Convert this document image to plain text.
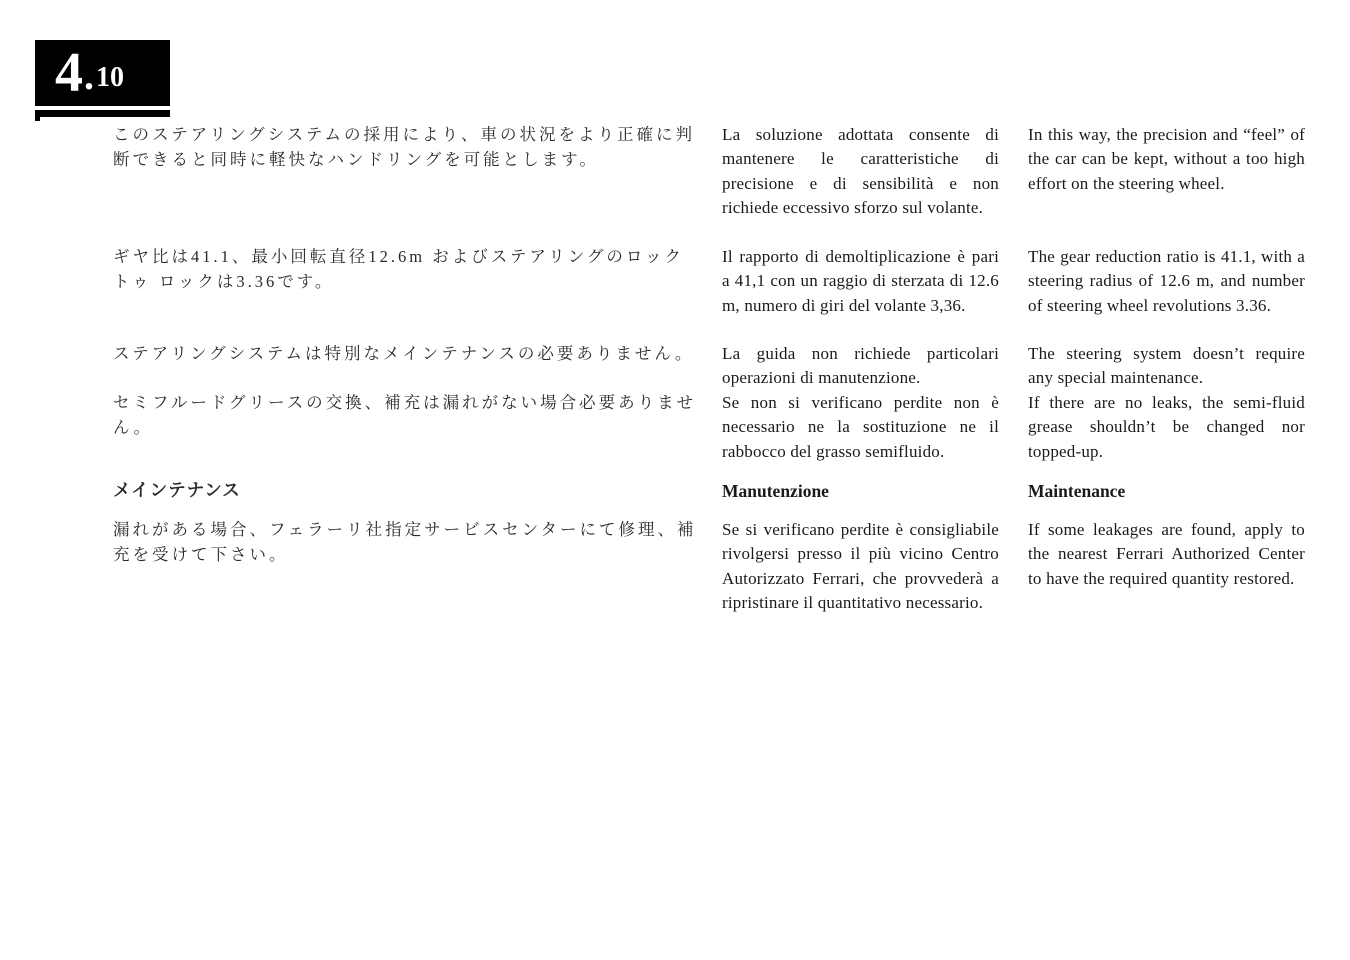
4 . 10

このステアリングシステムの採用により、車の状況をより正確に判断できると同時に軽快なハンドリングを可能とします。

ギヤ比は41.1、最小回転直径12.6m およびステアリングのロック トゥ ロックは3.36です。

ステアリングシステムは特別なメインテナンスの必要ありません。

セミフルードグリースの交換、補充は漏れがない場合必要ありません。

メインテナンス

漏れがある場合、フェラーリ社指定サービスセンターにて修理、補充を受けて下さい。

La soluzione adottata consente di mantenere le caratteristiche di precisione e di sensibilità e non richiede eccessivo sforzo sul volante.

Il rapporto di demoltiplicazione è pari a 41,1 con un raggio di sterzata di 12.6 m, numero di giri del volante 3,36.

La guida non richiede particolari operazioni di manutenzione.

Se non si verificano perdite non è necessario ne la sostituzione ne il rabbocco del grasso semifluido.

Manutenzione

Se si verificano perdite è consigliabile rivolgersi presso il più vicino Centro Autorizzato Ferrari, che provvederà a ripristinare il quantitativo necessario.

In this way, the precision and “feel” of the car can be kept, without a too high effort on the steering wheel.

The gear reduction ratio is 41.1, with a steering radius of 12.6 m, and number of steering wheel revolutions 3.36.

The steering system doesn’t require any special maintenance.

If there are no leaks, the semi-fluid grease shouldn’t be changed nor topped-up.

Maintenance

If some leakages are found, apply to the nearest Ferrari Authorized Center to have the required quantity restored.
